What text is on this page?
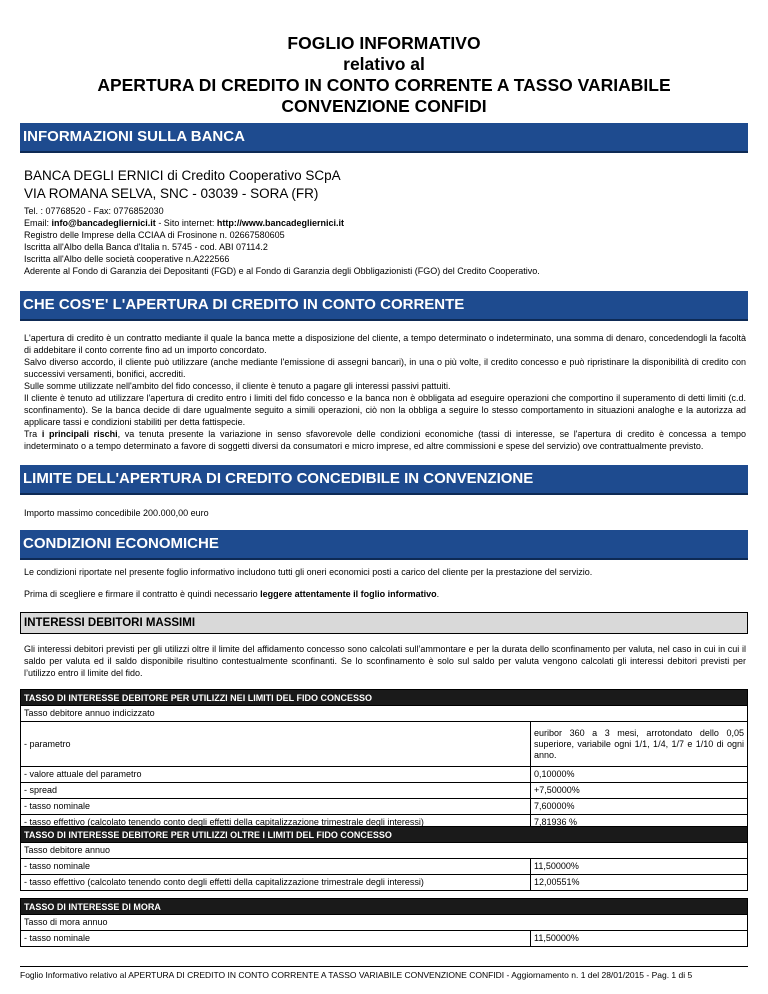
FOGLIO INFORMATIVO
relativo al
APERTURA DI CREDITO IN CONTO CORRENTE A TASSO VARIABILE
CONVENZIONE CONFIDI
INFORMAZIONI SULLA BANCA
BANCA DEGLI ERNICI di Credito Cooperativo SCpA
VIA ROMANA SELVA, SNC - 03039 - SORA (FR)
Tel. : 07768520 - Fax: 0776852030
Email: info@bancadegliernici.it - Sito internet: http://www.bancadegliernici.it
Registro delle Imprese della CCIAA di Frosinone n. 02667580605
Iscritta all'Albo della Banca d'Italia n. 5745 - cod. ABI 07114.2
Iscritta all'Albo delle società cooperative n.A222566
Aderente al Fondo di Garanzia dei Depositanti (FGD) e al Fondo di Garanzia degli Obbligazionisti (FGO) del Credito Cooperativo.
CHE COS'E' L'APERTURA DI CREDITO IN CONTO CORRENTE
L'apertura di credito è un contratto mediante il quale la banca mette a disposizione del cliente, a tempo determinato o indeterminato, una somma di denaro, concedendogli la facoltà di addebitare il conto corrente fino ad un importo concordato.
Salvo diverso accordo, il cliente può utilizzare (anche mediante l'emissione di assegni bancari), in una o più volte, il credito concesso e può ripristinare la disponibilità di credito con successivi versamenti, bonifici, accrediti.
Sulle somme utilizzate nell'ambito del fido concesso, il cliente è tenuto a pagare gli interessi passivi pattuiti.
Il cliente è tenuto ad utilizzare l'apertura di credito entro i limiti del fido concesso e la banca non è obbligata ad eseguire operazioni che comportino il superamento di detti limiti (c.d. sconfinamento). Se la banca decide di dare ugualmente seguito a simili operazioni, ciò non la obbliga a seguire lo stesso comportamento in situazioni analoghe e la autorizza ad applicare tassi e condizioni stabiliti per detta fattispecie.
Tra i principali rischi, va tenuta presente la variazione in senso sfavorevole delle condizioni economiche (tassi di interesse, se l'apertura di credito è concessa a tempo indeterminato o a tempo determinato a favore di soggetti diversi da consumatori e micro imprese, ed altre commissioni e spese del servizio) ove contrattualmente previsto.
LIMITE DELL'APERTURA DI CREDITO CONCEDIBILE IN CONVENZIONE
Importo massimo concedibile 200.000,00 euro
CONDIZIONI ECONOMICHE
Le condizioni riportate nel presente foglio informativo includono tutti gli oneri economici posti a carico del cliente per la prestazione del servizio.
Prima di scegliere e firmare il contratto è quindi necessario leggere attentamente il foglio informativo.
INTERESSI DEBITORI MASSIMI
Gli interessi debitori previsti per gli utilizzi oltre il limite del affidamento concesso sono calcolati sull’ammontare e per la durata dello sconfinamento per valuta, nel caso in cui in cui il saldo per valuta ed il saldo disponibile risultino contestualmente sconfinanti. Se lo sconfinamento è solo sul saldo per valuta vengono calcolati gli interessi debitori previsti per l’utilizzo entro il limite del fido.
TASSO DI INTERESSE DEBITORE PER UTILIZZI NEI LIMITI DEL FIDO CONCESSO	
Tasso debitore annuo indicizzato	
- parametro	euribor 360 a 3 mesi, arrotondato dello 0,05 superiore, variabile ogni 1/1, 1/4, 1/7 e 1/10 di ogni anno.
- valore attuale del parametro	0,10000%
- spread	+7,50000%
- tasso nominale	7,60000%
- tasso effettivo (calcolato tenendo conto degli effetti della capitalizzazione trimestrale degli interessi)	7,81936 %
TASSO DI INTERESSE DEBITORE PER UTILIZZI OLTRE I LIMITI DEL FIDO CONCESSO	
Tasso debitore annuo	
- tasso nominale	11,50000%
- tasso effettivo (calcolato tenendo conto degli effetti della capitalizzazione trimestrale degli interessi)	12,00551%
TASSO DI INTERESSE DI MORA
Tasso di mora annuo
- tasso nominale	11,50000%
Foglio Informativo relativo al APERTURA DI CREDITO IN CONTO CORRENTE A TASSO VARIABILE CONVENZIONE CONFIDI - Aggiornamento n. 1 del 28/01/2015 - Pag. 1 di 5
